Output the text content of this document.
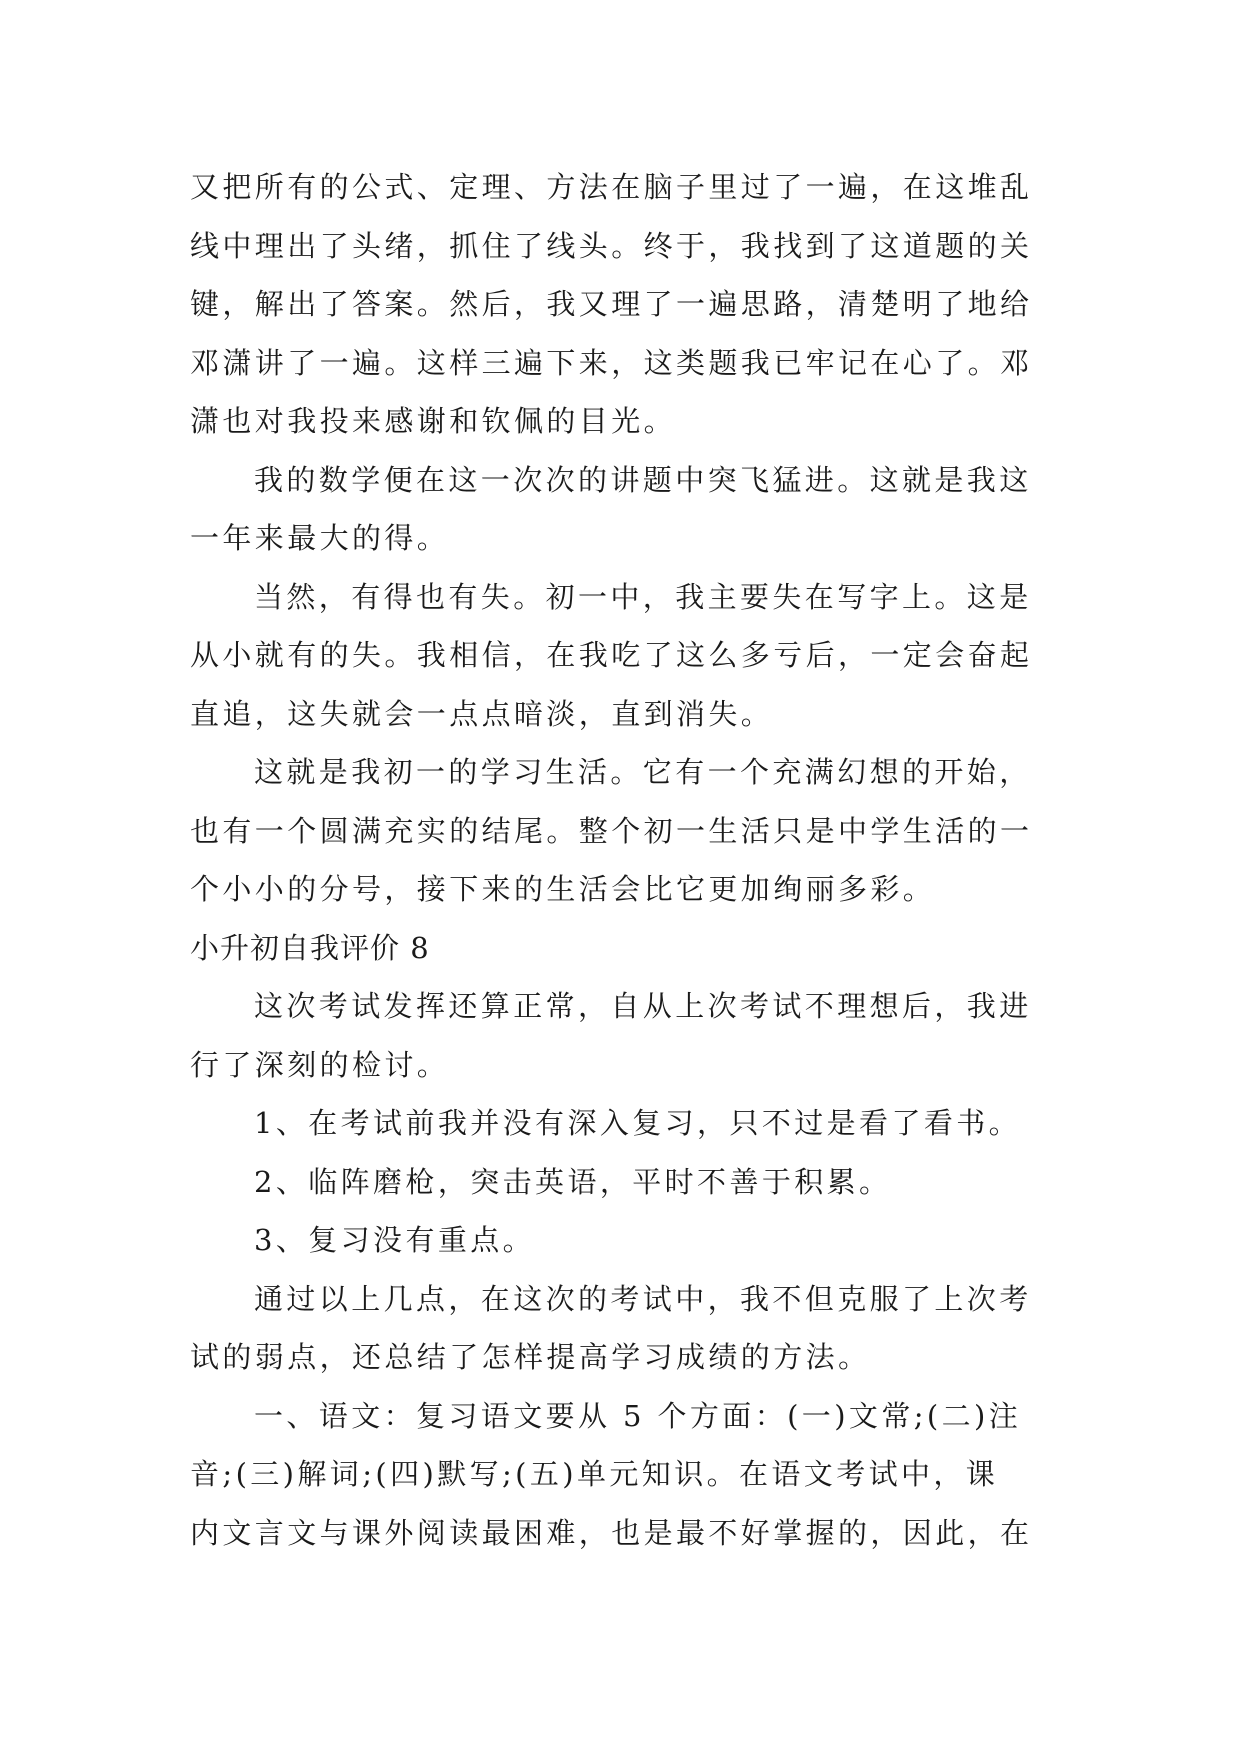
又把所有的公式、定理、方法在脑子里过了一遍，在这堆乱
线中理出了头绪，抓住了线头。终于，我找到了这道题的关
键，解出了答案。然后，我又理了一遍思路，清楚明了地给
邓潇讲了一遍。这样三遍下来，这类题我已牢记在心了。邓
潇也对我投来感谢和钦佩的目光。
我的数学便在这一次次的讲题中突飞猛进。这就是我这
一年来最大的得。
当然，有得也有失。初一中，我主要失在写字上。这是
从小就有的失。我相信，在我吃了这么多亏后，一定会奋起
直追，这失就会一点点暗淡，直到消失。
这就是我初一的学习生活。它有一个充满幻想的开始，
也有一个圆满充实的结尾。整个初一生活只是中学生活的一
个小小的分号，接下来的生活会比它更加绚丽多彩。
小升初自我评价 8
这次考试发挥还算正常，自从上次考试不理想后，我进
行了深刻的检讨。
1、在考试前我并没有深入复习，只不过是看了看书。
2、临阵磨枪，突击英语，平时不善于积累。
3、复习没有重点。
通过以上几点，在这次的考试中，我不但克服了上次考
试的弱点，还总结了怎样提高学习成绩的方法。
一、语文：复习语文要从 5 个方面：(一)文常;(二)注
音;(三)解词;(四)默写;(五)单元知识。在语文考试中，课
内文言文与课外阅读最困难，也是最不好掌握的，因此，在
